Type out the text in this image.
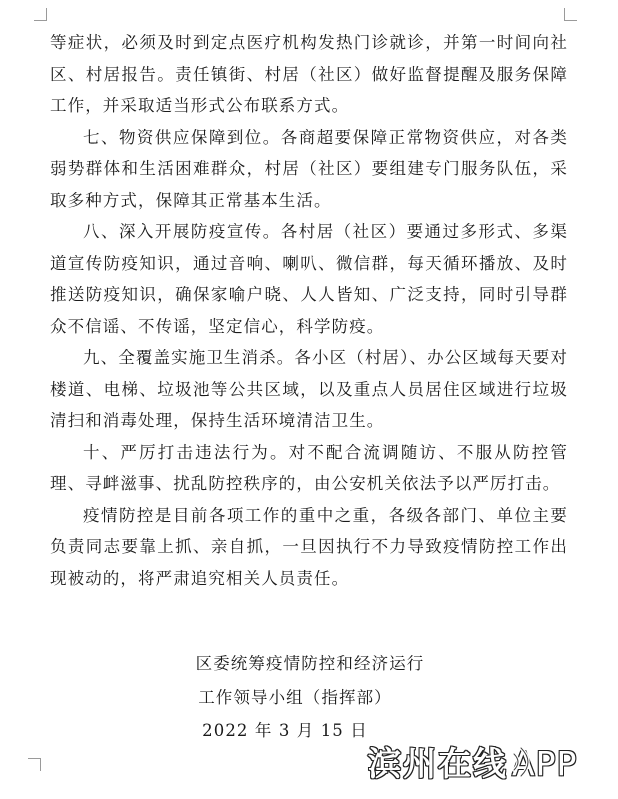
等症状，必须及时到定点医疗机构发热门诊就诊，并第一时间向社区、村居报告。责任镇街、村居（社区）做好监督提醒及服务保障工作，并采取适当形式公布联系方式。

七、物资供应保障到位。各商超要保障正常物资供应，对各类弱势群体和生活困难群众，村居（社区）要组建专门服务队伍，采取多种方式，保障其正常基本生活。

八、深入开展防疫宣传。各村居（社区）要通过多形式、多渠道宣传防疫知识，通过音响、喇叭、微信群，每天循环播放、及时推送防疫知识，确保家喻户晓、人人皆知、广泛支持，同时引导群众不信谣、不传谣，坚定信心，科学防疫。

九、全覆盖实施卫生消杀。各小区（村居）、办公区域每天要对楼道、电梯、垃圾池等公共区域，以及重点人员居住区域进行垃圾清扫和消毒处理，保持生活环境清洁卫生。

十、严厉打击违法行为。对不配合流调随访、不服从防控管理、寻衅滋事、扰乱防控秩序的，由公安机关依法予以严厉打击。

疫情防控是目前各项工作的重中之重，各级各部门、单位主要负责同志要靠上抓、亲自抓，一旦因执行不力导致疫情防控工作出现被动的，将严肃追究相关人员责任。

区委统筹疫情防控和经济运行
工作领导小组（指挥部）
2022 年 3 月 15 日
滨州在线 APP
